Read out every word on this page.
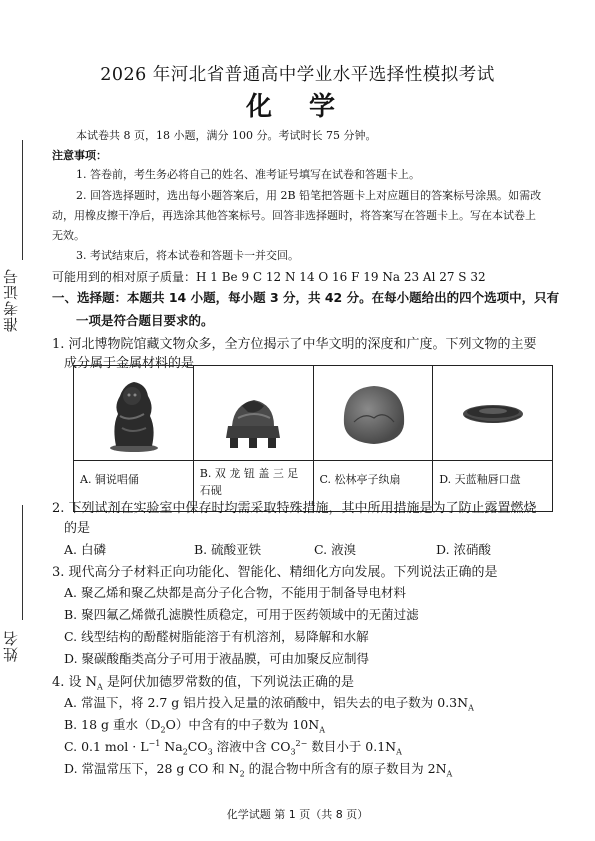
准考证号
姓名
2026 年河北省普通高中学业水平选择性模拟考试
化 学
本试卷共 8 页，18 小题，满分 100 分。考试时长 75 分钟。
注意事项：
1. 答卷前，考生务必将自己的姓名、准考证号填写在试卷和答题卡上。
2. 回答选择题时，选出每小题答案后，用 2B 铅笔把答题卡上对应题目的答案标号涂黑。如需改
动，用橡皮擦干净后，再选涂其他答案标号。回答非选择题时，将答案写在答题卡上。写在本试卷上
无效。
3. 考试结束后，将本试卷和答题卡一并交回。
可能用到的相对原子质量：H 1 Be 9 C 12 N 14 O 16 F 19 Na 23 Al 27 S 32
一、选择题：本题共 14 小题，每小题 3 分，共 42 分。在每小题给出的四个选项中，只有
一项是符合题目要求的。
1. 河北博物院馆藏文物众多，全方位揭示了中华文明的深度和广度。下列文物的主要
成分属于金属材料的是

A. 铜说唱俑	B. 双 龙 钮 盖 三 足
石砚	C. 松林亭子纨扇	D. 天蓝釉唇口盘
2. 下列试剂在实验室中保存时均需采取特殊措施，其中所用措施是为了防止露置燃烧
的是
A. 白磷	B. 硫酸亚铁	C. 液溴	D. 浓硝酸
3. 现代高分子材料正向功能化、智能化、精细化方向发展。下列说法正确的是
A. 聚乙烯和聚乙炔都是高分子化合物，不能用于制备导电材料
B. 聚四氟乙烯微孔滤膜性质稳定，可用于医药领域中的无菌过滤
C. 线型结构的酚醛树脂能溶于有机溶剂，易降解和水解
D. 聚碳酸酯类高分子可用于液晶膜，可由加聚反应制得
4. 设 $N_A$ 是阿伏加德罗常数的值，下列说法正确的是
A. 常温下，将 2.7 g 铝片投入足量的浓硝酸中，铝失去的电子数为 $0.3N_A$
B. 18 g 重水$(D_2O)$中含有的中子数为 $10N_A$
C. 0.1 mol · $L^{-1}$ $Na_2CO_3$ 溶液中含 $CO_3^{2-}$ 数目小于 $0.1N_A$
D. 常温常压下，28 g CO 和 $N_2$ 的混合物中所含有的原子数目为 $2N_A$
化学试题 第 1 页（共 8 页）
